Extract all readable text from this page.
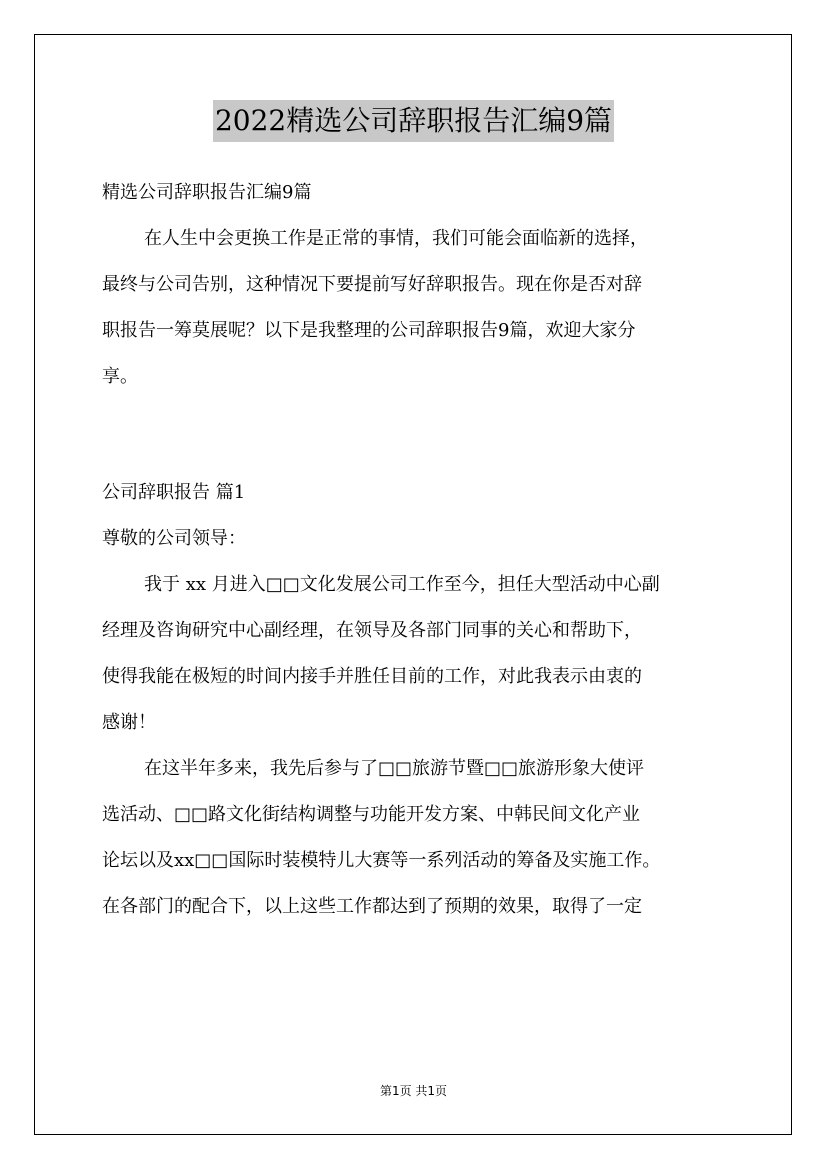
2022精选公司辞职报告汇编9篇
精选公司辞职报告汇编9篇
在人生中会更换工作是正常的事情，我们可能会面临新的选择，
最终与公司告别，这种情况下要提前写好辞职报告。现在你是否对辞
职报告一筹莫展呢？以下是我整理的公司辞职报告9篇，欢迎大家分
享。
公司辞职报告 篇1
尊敬的公司领导：
我于 xx 月进入□□文化发展公司工作至今，担任大型活动中心副
经理及咨询研究中心副经理，在领导及各部门同事的关心和帮助下，
使得我能在极短的时间内接手并胜任目前的工作，对此我表示由衷的
感谢！
在这半年多来，我先后参与了□□旅游节暨□□旅游形象大使评
选活动、□□路文化街结构调整与功能开发方案、中韩民间文化产业
论坛以及xx□□国际时装模特儿大赛等一系列活动的筹备及实施工作。
在各部门的配合下，以上这些工作都达到了预期的效果，取得了一定
第1页 共1页
